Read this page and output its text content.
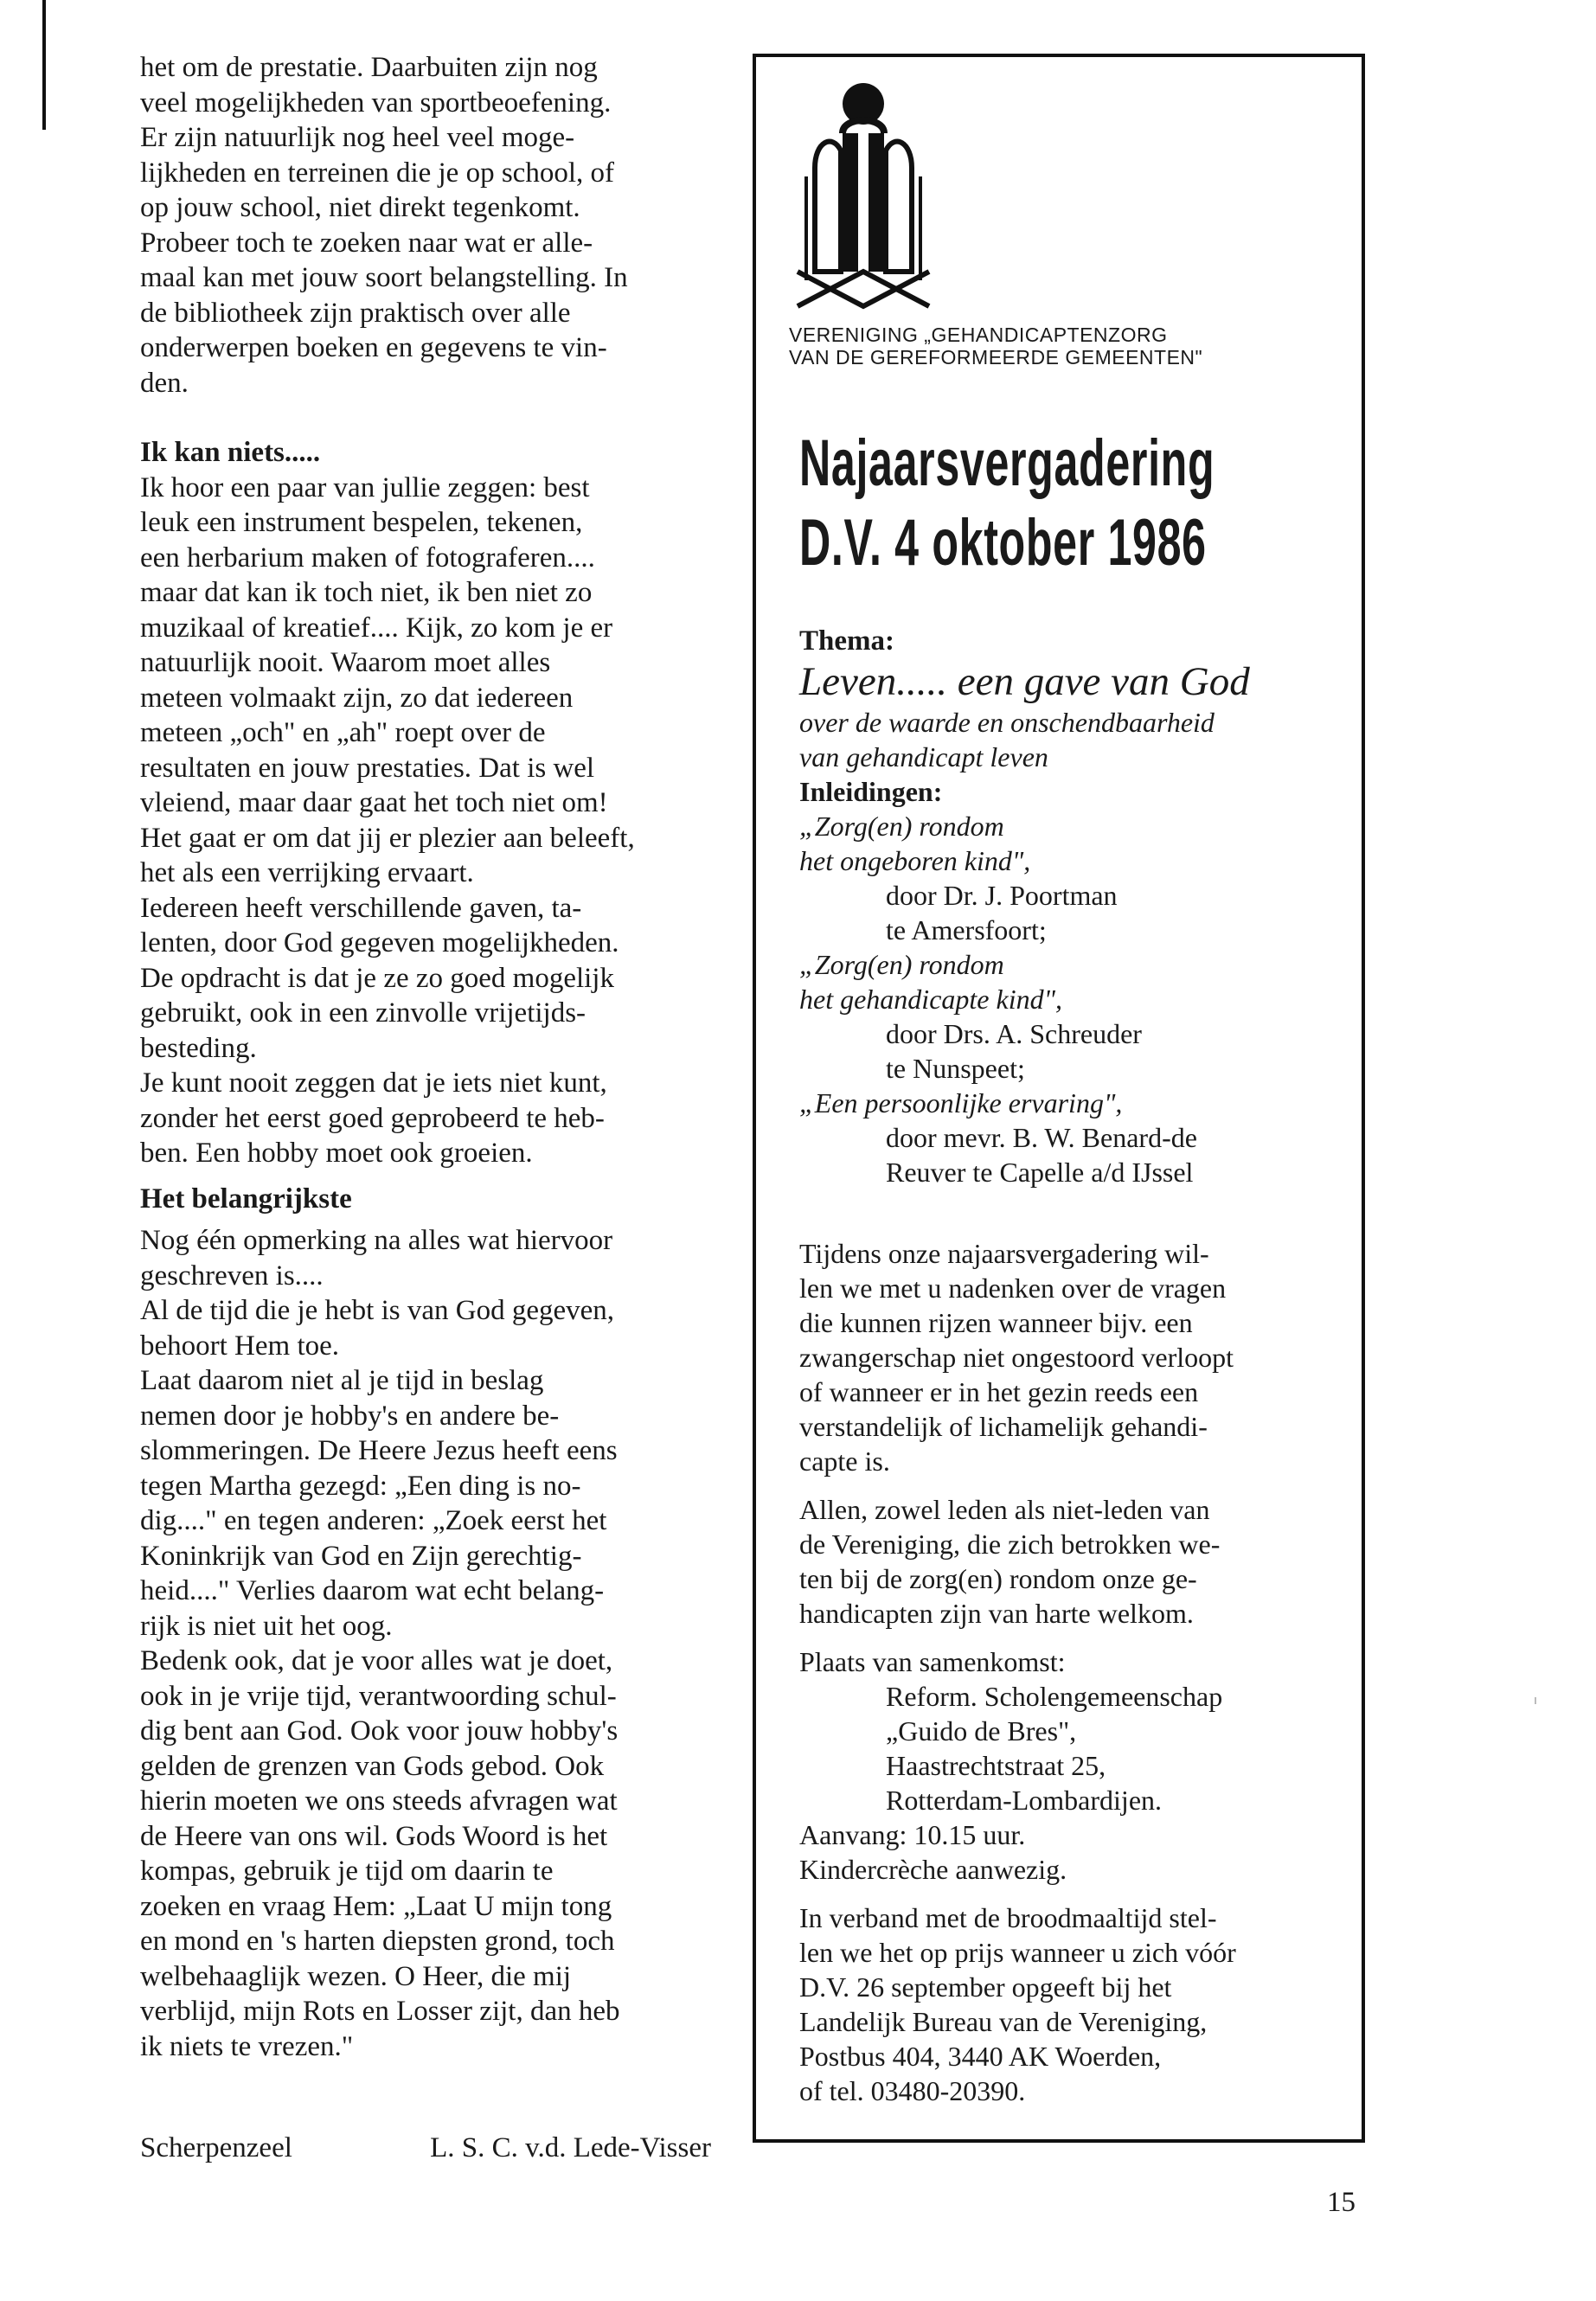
het om de prestatie. Daarbuiten zijn nog

veel mogelijkheden van sportbeoefening.

Er zijn natuurlijk nog heel veel moge-

lijkheden en terreinen die je op school, of

op jouw school, niet direkt tegenkomt.

Probeer toch te zoeken naar wat er alle-

maal kan met jouw soort belangstelling. In

de bibliotheek zijn praktisch over alle

onderwerpen boeken en gegevens te vin-

den.

Ik kan niets.....

Ik hoor een paar van jullie zeggen: best

leuk een instrument bespelen, tekenen,

een herbarium maken of fotograferen....

maar dat kan ik toch niet, ik ben niet zo

muzikaal of kreatief.... Kijk, zo kom je er

natuurlijk nooit. Waarom moet alles

meteen volmaakt zijn, zo dat iedereen

meteen „och" en „ah" roept over de

resultaten en jouw prestaties. Dat is wel

vleiend, maar daar gaat het toch niet om!

Het gaat er om dat jij er plezier aan beleeft,

het als een verrijking ervaart.

Iedereen heeft verschillende gaven, ta-

lenten, door God gegeven mogelijkheden.

De opdracht is dat je ze zo goed mogelijk

gebruikt, ook in een zinvolle vrijetijds-

besteding.

Je kunt nooit zeggen dat je iets niet kunt,

zonder het eerst goed geprobeerd te heb-

ben. Een hobby moet ook groeien.

Het belangrijkste

Nog één opmerking na alles wat hiervoor

geschreven is....

Al de tijd die je hebt is van God gegeven,

behoort Hem toe.

Laat daarom niet al je tijd in beslag

nemen door je hobby's en andere be-

slommeringen. De Heere Jezus heeft eens

tegen Martha gezegd: „Een ding is no-

dig...." en tegen anderen: „Zoek eerst het

Koninkrijk van God en Zijn gerechtig-

heid...." Verlies daarom wat echt belang-

rijk is niet uit het oog.

Bedenk ook, dat je voor alles wat je doet,

ook in je vrije tijd, verantwoording schul-

dig bent aan God. Ook voor jouw hobby's

gelden de grenzen van Gods gebod. Ook

hierin moeten we ons steeds afvragen wat

de Heere van ons wil. Gods Woord is het

kompas, gebruik je tijd om daarin te

zoeken en vraag Hem: „Laat U mijn tong

en mond en 's harten diepsten grond, toch

welbehaaglijk wezen. O Heer, die mij

verblijd, mijn Rots en Losser zijt, dan heb

ik niets te vrezen."

Scherpenzeel	L. S. C. v.d. Lede-Visser
VERENIGING „GEHANDICAPTENZORG
VAN DE GEREFORMEERDE GEMEENTEN"
Najaarsvergadering
D.V. 4 oktober 1986

Thema:

Leven..... een gave van God

over de waarde en onschendbaarheid

van gehandicapt leven

Inleidingen:

„Zorg(en) rondom

het ongeboren kind",

door Dr. J. Poortman

te Amersfoort;

„Zorg(en) rondom

het gehandicapte kind",

door Drs. A. Schreuder

te Nunspeet;

„Een persoonlijke ervaring",

door mevr. B. W. Benard-de

Reuver te Capelle a/d IJssel

Tijdens onze najaarsvergadering wil-

len we met u nadenken over de vragen

die kunnen rijzen wanneer bijv. een

zwangerschap niet ongestoord verloopt

of wanneer er in het gezin reeds een

verstandelijk of lichamelijk gehandi-

capte is.

Allen, zowel leden als niet-leden van

de Vereniging, die zich betrokken we-

ten bij de zorg(en) rondom onze ge-

handicapten zijn van harte welkom.

Plaats van samenkomst:

Reform. Scholengemeenschap

„Guido de Bres",

Haastrechtstraat 25,

Rotterdam-Lombardijen.

Aanvang: 10.15 uur.

Kindercrèche aanwezig.

In verband met de broodmaaltijd stel-

len we het op prijs wanneer u zich vóór

D.V. 26 september opgeeft bij het

Landelijk Bureau van de Vereniging,

Postbus 404, 3440 AK Woerden,

of tel. 03480-20390.

15
